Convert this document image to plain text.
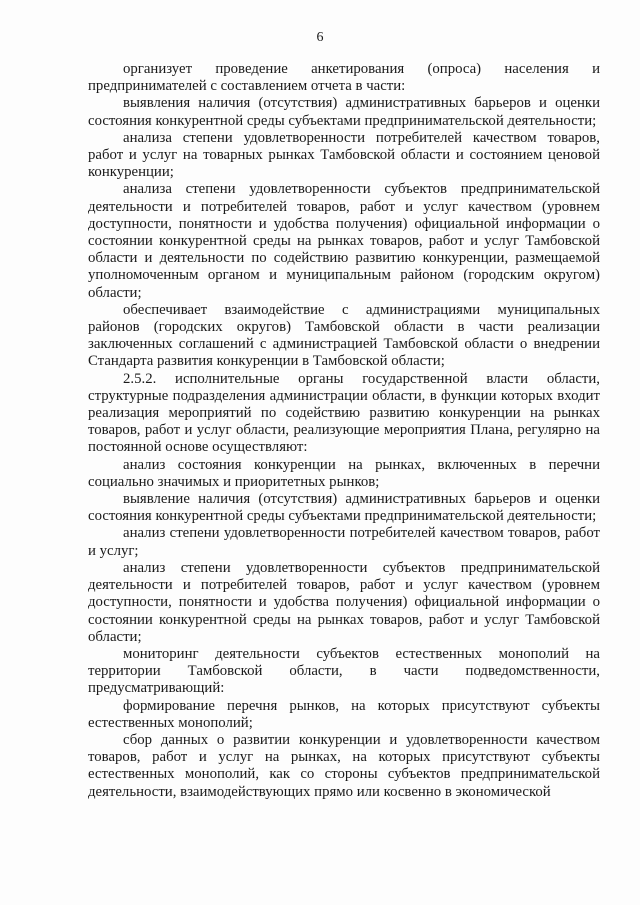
6

организует проведение анкетирования (опроса) населения и предпринимателей с составлением отчета в части:

выявления наличия (отсутствия) административных барьеров и оценки состояния конкурентной среды субъектами предпринимательской деятельности;

анализа степени удовлетворенности потребителей качеством товаров, работ и услуг на товарных рынках Тамбовской области и состоянием ценовой конкуренции;

анализа степени удовлетворенности субъектов предпринимательской деятельности и потребителей товаров, работ и услуг качеством (уровнем доступности, понятности и удобства получения) официальной информации о состоянии конкурентной среды на рынках товаров, работ и услуг Тамбовской области и деятельности по содействию развитию конкуренции, размещаемой уполномоченным органом и муниципальным районом (городским округом) области;

обеспечивает взаимодействие с администрациями муниципальных районов (городских округов) Тамбовской области в части реализации заключенных соглашений с администрацией Тамбовской области о внедрении Стандарта развития конкуренции в Тамбовской области;

2.5.2. исполнительные органы государственной власти области, структурные подразделения администрации области, в функции которых входит реализация мероприятий по содействию развитию конкуренции на рынках товаров, работ и услуг области, реализующие мероприятия Плана, регулярно на постоянной основе осуществляют:

анализ состояния конкуренции на рынках, включенных в перечни социально значимых и приоритетных рынков;

выявление наличия (отсутствия) административных барьеров и оценки состояния конкурентной среды субъектами предпринимательской деятельности;

анализ степени удовлетворенности потребителей качеством товаров, работ и услуг;

анализ степени удовлетворенности субъектов предпринимательской деятельности и потребителей товаров, работ и услуг качеством (уровнем доступности, понятности и удобства получения) официальной информации о состоянии конкурентной среды на рынках товаров, работ и услуг Тамбовской области;

мониторинг деятельности субъектов естественных монополий на территории Тамбовской области, в части подведомственности, предусматривающий:

формирование перечня рынков, на которых присутствуют субъекты естественных монополий;

сбор данных о развитии конкуренции и удовлетворенности качеством товаров, работ и услуг на рынках, на которых присутствуют субъекты естественных монополий, как со стороны субъектов предпринимательской деятельности, взаимодействующих прямо или косвенно в экономической
